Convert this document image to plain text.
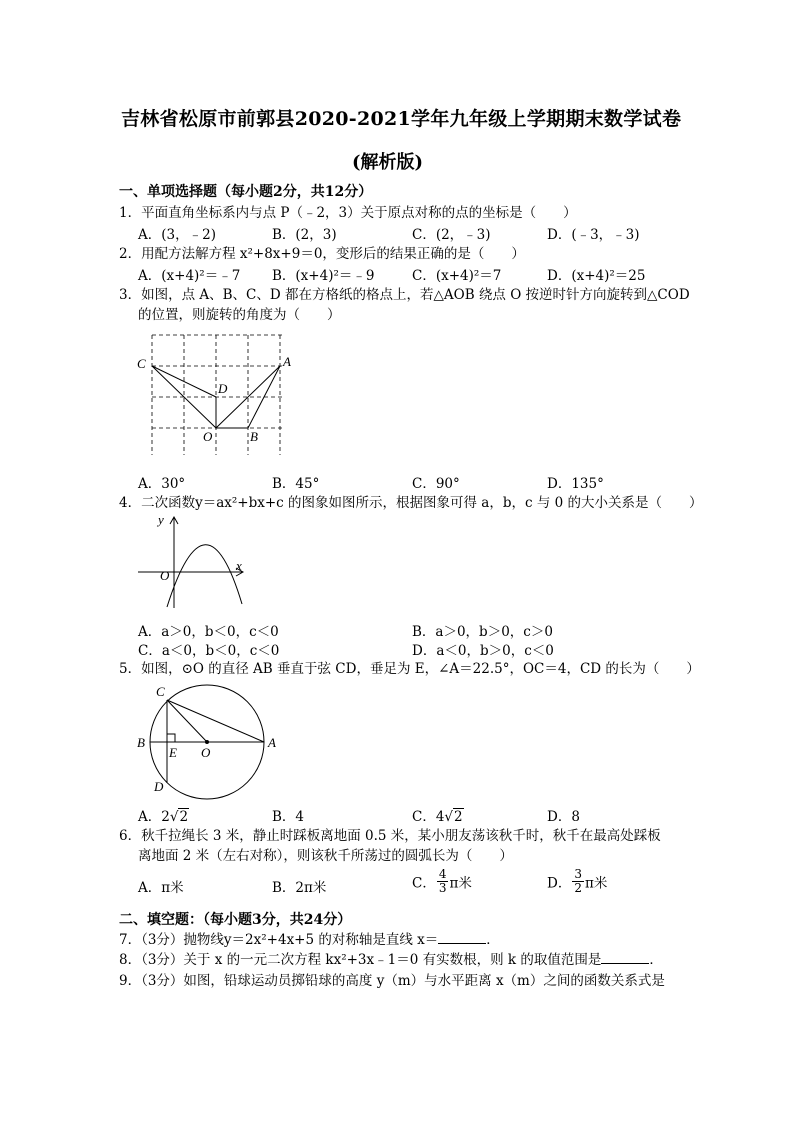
吉林省松原市前郭县2020-2021学年九年级上学期期末数学试卷
(解析版)
一、单项选择题（每小题2分，共12分）
1．平面直角坐标系内与点 P（﹣2，3）关于原点对称的点的坐标是（　　）
A．(3，﹣2)	B．(2，3)	C．(2，﹣3)	D．(﹣3，﹣3)
2．用配方法解方程 x²+8x+9＝0，变形后的结果正确的是（　　）
A．(x+4)²＝﹣7 B．(x+4)²＝﹣9	C．(x+4)²＝7	D．(x+4)²＝25
3．如图，点 A、B、C、D 都在方格纸的格点上，若△AOB 绕点 O 按逆时针方向旋转到△COD
的位置，则旋转的角度为（　　）
C	A
D
O	B
A．30°	B．45°	C．90°	D．135°
4．二次函数y＝ax²+bx+c 的图象如图所示，根据图象可得 a，b，c 与 0 的大小关系是（　　）
y
O
x
A．a＞0，b＜0，c＜0	B．a＞0，b＞0，c＞0
C．a＜0，b＜0，c＜0	D．a＜0，b＞0，c＜0
5．如图，⊙O 的直径 AB 垂直于弦 CD，垂足为 E，∠A＝22.5°，OC＝4，CD 的长为（　　）
C
B
E O
A
D
A．2√2	B．4	C．4√2	D．8
6．秋千拉绳长 3 米，静止时踩板离地面 0.5 米，某小朋友荡该秋千时，秋千在最高处踩板
离地面 2 米（左右对称），则该秋千所荡过的圆弧长为（　　）
A．π米	B．2π米	C． $\frac{4}{3}$ π米	D． $\frac{3}{2}$ π米
二、填空题：（每小题3分，共24分）
7．（3分）抛物线y＝2x²+4x+5 的对称轴是直线 x＝	．
8．（3分）关于 x 的一元二次方程 kx²+3x﹣1＝0 有实数根，则 k 的取值范围是	．
9．（3分）如图，铅球运动员掷铅球的高度 y（m）与水平距离 x（m）之间的函数关系式是
